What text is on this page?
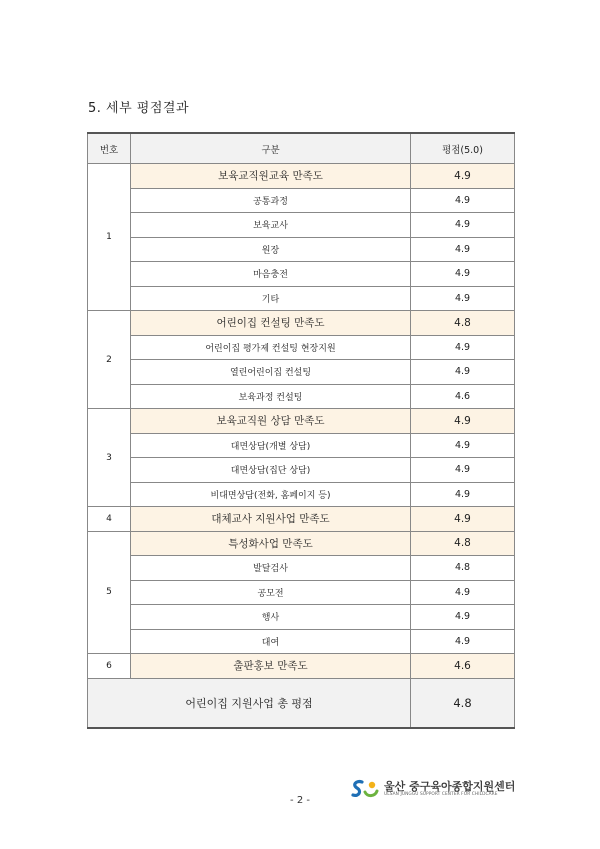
5. 세부 평점결과
번호	구분	평점(5.0)
1	보육교직원교육 만족도	4.9
	공통과정	4.9
	보육교사	4.9
	원장	4.9
	마음충전	4.9
	기타	4.9
2	어린이집 컨설팅 만족도	4.8
	어린이집 평가제 컨설팅 현장지원	4.9
	열린어린이집 컨설팅	4.9
	보육과정 컨설팅	4.6
3	보육교직원 상담 만족도	4.9
	대면상담(개별 상담)	4.9
	대면상담(집단 상담)	4.9
	비대면상담(전화, 홈페이지 등)	4.9
4	대체교사 지원사업 만족도	4.9
5	특성화사업 만족도	4.8
	발달검사	4.8
	공모전	4.9
	행사	4.9
	대여	4.9
6	출판홍보 만족도	4.6
어린이집 지원사업 총 평점		4.8
울산 중구육아종합지원센터
ULSAN JUNGGU SUPPORT CENTER FOR CHILDCARE
- 2 -
